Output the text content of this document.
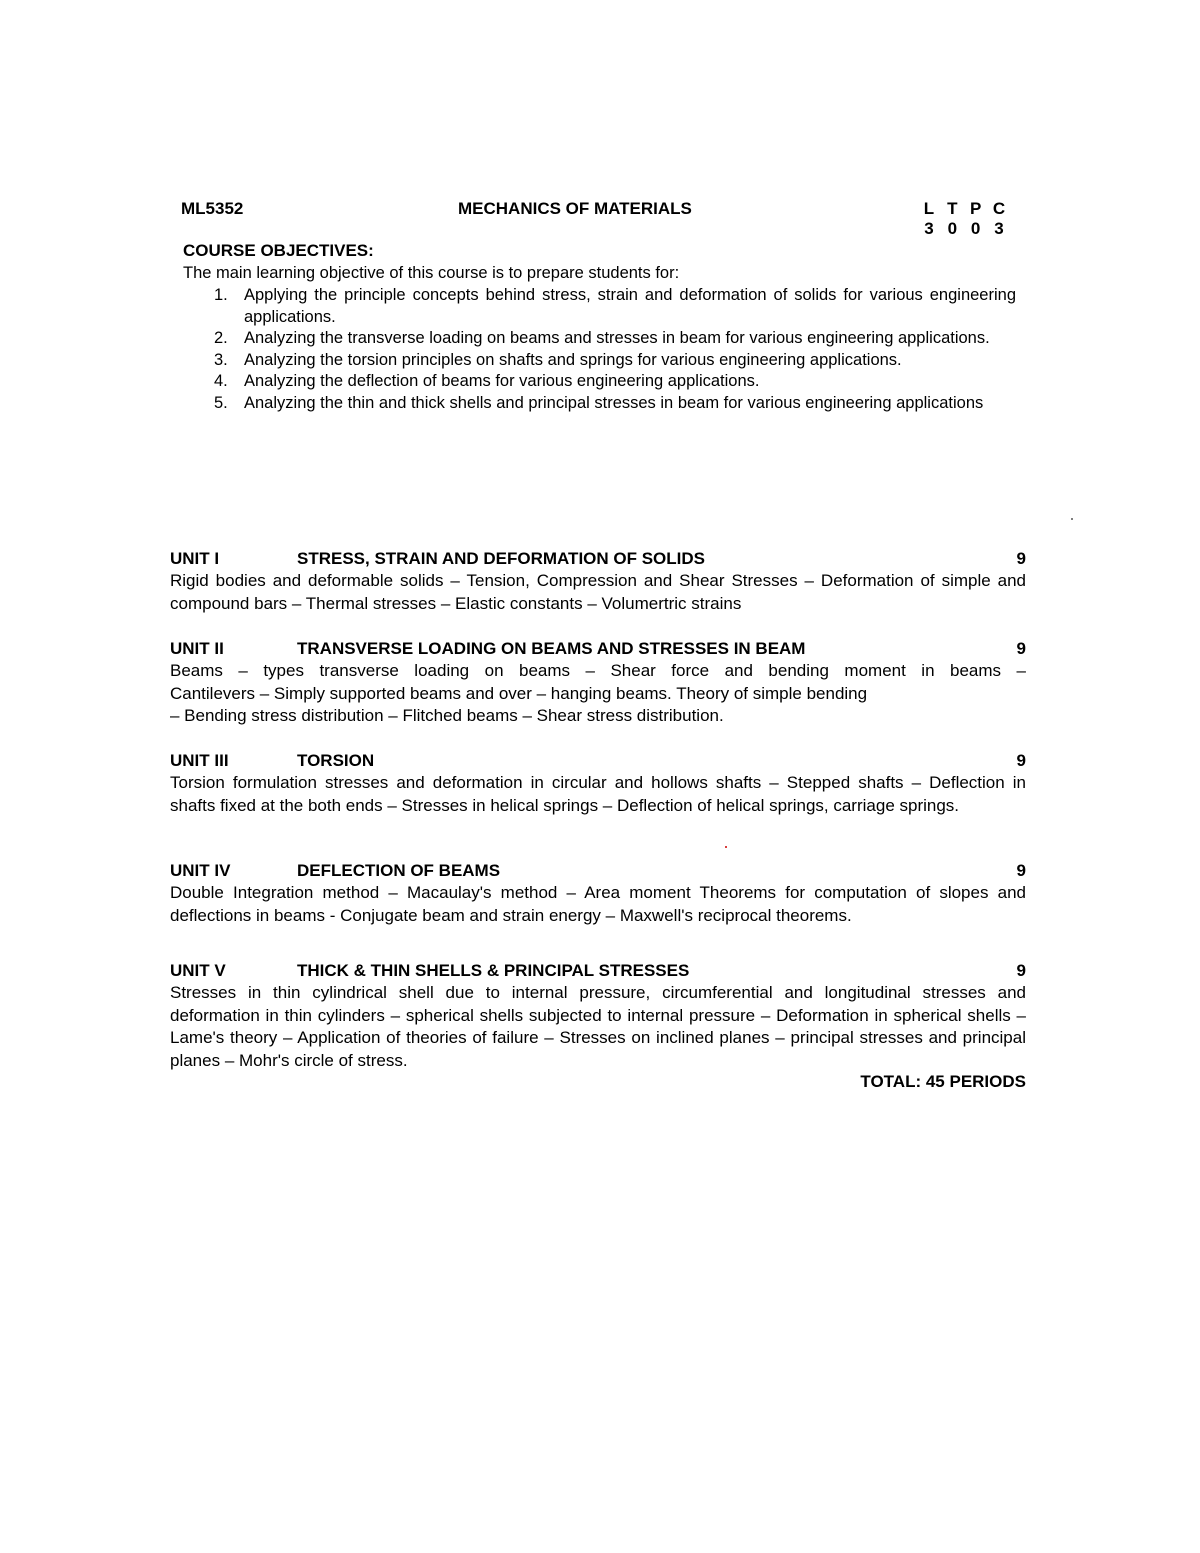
ML5352	MECHANICS OF MATERIALS	L T P C
3 0 0 3
COURSE OBJECTIVES:
The main learning objective of this course is to prepare students for:
1. Applying the principle concepts behind stress, strain and deformation of solids for various engineering applications.
2. Analyzing the transverse loading on beams and stresses in beam for various engineering applications.
3. Analyzing the torsion principles on shafts and springs for various engineering applications.
4. Analyzing the deflection of beams for various engineering applications.
5. Analyzing the thin and thick shells and principal stresses in beam for various engineering applications
UNIT I	STRESS, STRAIN AND DEFORMATION OF SOLIDS	9
Rigid bodies and deformable solids – Tension, Compression and Shear Stresses – Deformation of simple and compound bars – Thermal stresses – Elastic constants – Volumertric strains
UNIT II	TRANSVERSE LOADING ON BEAMS AND STRESSES IN BEAM	9
Beams – types transverse loading on beams – Shear force and bending moment in beams –
Cantilevers – Simply supported beams and over – hanging beams. Theory of simple bending
– Bending stress distribution – Flitched beams – Shear stress distribution.
UNIT III	TORSION	9
Torsion formulation stresses and deformation in circular and hollows shafts – Stepped shafts – Deflection in shafts fixed at the both ends – Stresses in helical springs – Deflection of helical springs, carriage springs.
UNIT IV	DEFLECTION OF BEAMS	9
Double Integration method – Macaulay's method – Area moment Theorems for computation of slopes and deflections in beams - Conjugate beam and strain energy – Maxwell's reciprocal theorems.
UNIT V	THICK & THIN SHELLS & PRINCIPAL STRESSES	9
Stresses in thin cylindrical shell due to internal pressure, circumferential and longitudinal stresses and deformation in thin cylinders – spherical shells subjected to internal pressure – Deformation in spherical shells – Lame's theory – Application of theories of failure – Stresses on inclined planes – principal stresses and principal planes – Mohr's circle of stress.
TOTAL: 45 PERIODS
